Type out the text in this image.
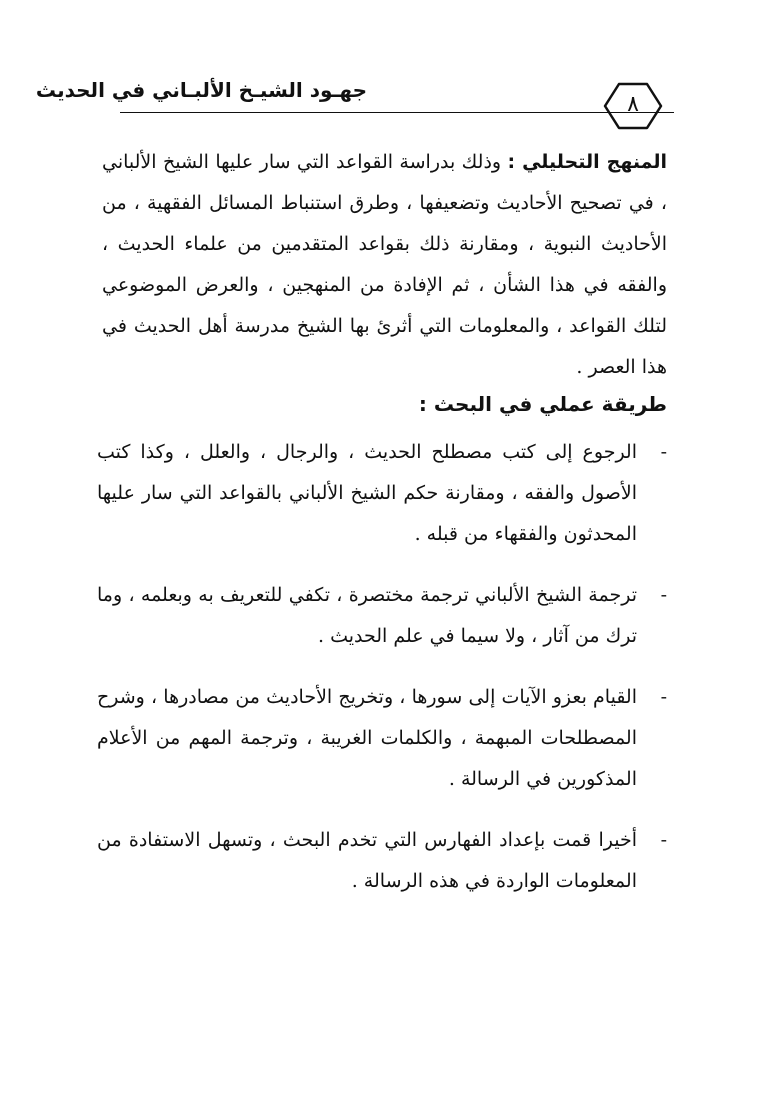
جهـود الشيـخ الألبـاني في الحديث
٨
المنهج التحليلي : وذلك بدراسة القواعد التي سار عليها الشيخ الألباني ، في تصحيح الأحاديث وتضعيفها ، وطرق استنباط المسائل الفقهية ، من الأحاديث النبوية ، ومقارنة ذلك بقواعد المتقدمين من علماء الحديث ، والفقه في هذا الشأن ، ثم الإفادة من المنهجين ، والعرض الموضوعي لتلك القواعد ، والمعلومات التي أثرئ بها الشيخ مدرسة أهل الحديث في هذا العصر .
طريقة عملي في البحث :
-
الرجوع إلى كتب مصطلح الحديث ، والرجال ، والعلل ، وكذا كتب الأصول والفقه ، ومقارنة حكم الشيخ الألباني بالقواعد التي سار عليها المحدثون والفقهاء من قبله .
-
ترجمة الشيخ الألباني ترجمة مختصرة ، تكفي للتعريف به وبعلمه ، وما ترك من آثار ، ولا سيما في علم الحديث .
-
القيام بعزو الآيات إلى سورها ، وتخريج الأحاديث من مصادرها ، وشرح المصطلحات المبهمة ، والكلمات الغريبة ، وترجمة المهم من الأعلام المذكورين في الرسالة .
-
أخيرا قمت بإعداد الفهارس التي تخدم البحث ، وتسهل الاستفادة من المعلومات الواردة في هذه الرسالة .
